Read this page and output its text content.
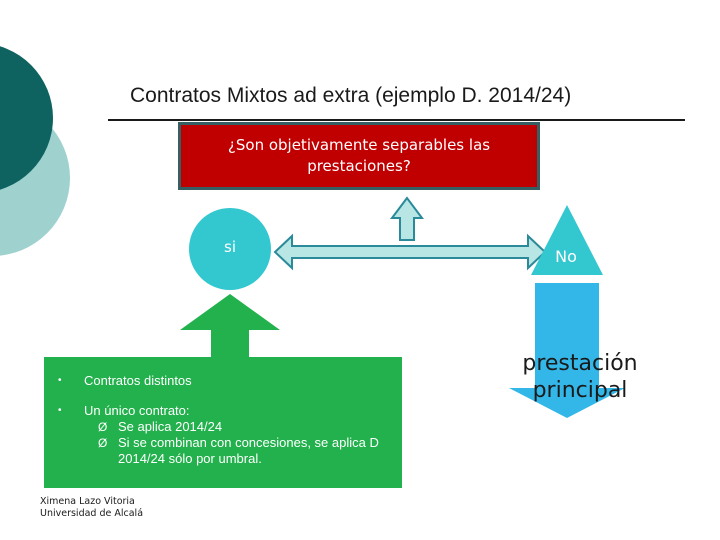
Contratos Mixtos ad extra (ejemplo D. 2014/24)
¿Son objetivamente separables las prestaciones?
si	No
• Contratos distintos
• Un único contrato:
Ø Se aplica 2014/24
Ø Si se combinan con concesiones, se aplica D 2014/24 sólo por umbral.
prestación principal
Ximena Lazo Vitoria
Universidad de Alcalá
